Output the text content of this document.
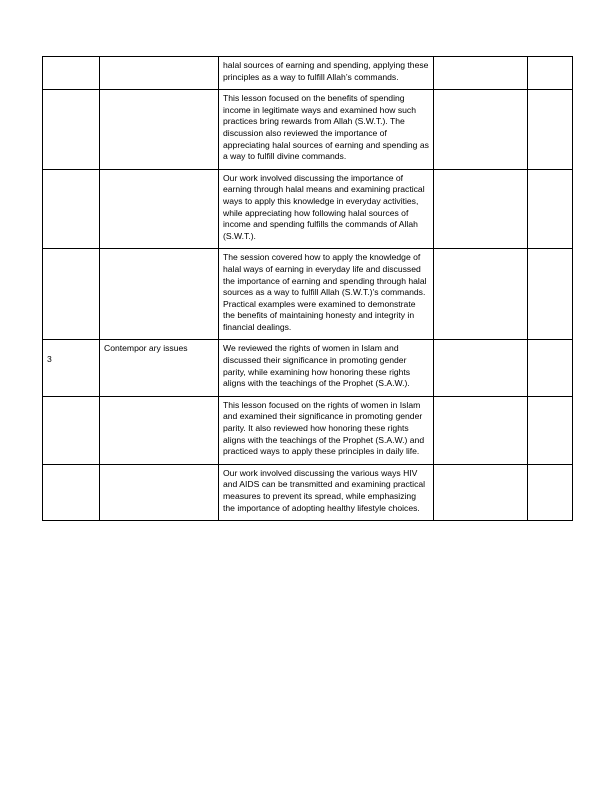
		halal sources of earning and spending, applying these principles as a way to fulfill Allah’s commands.		
		This lesson focused on the benefits of spending income in legitimate ways and examined how such practices bring rewards from Allah (S.W.T.). The discussion also reviewed the importance of appreciating halal sources of earning and spending as a way to fulfill divine commands.		
		Our work involved discussing the importance of earning through halal means and examining practical ways to apply this knowledge in everyday activities, while appreciating how following halal sources of income and spending fulfills the commands of Allah (S.W.T.).		
		The session covered how to apply the knowledge of halal ways of earning in everyday life and discussed the importance of earning and spending through halal sources as a way to fulfill Allah (S.W.T.)’s commands. Practical examples were examined to demonstrate the benefits of maintaining honesty and integrity in financial dealings.		
3	Contempor ary issues	We reviewed the rights of women in Islam and discussed their significance in promoting gender parity, while examining how honoring these rights aligns with the teachings of the Prophet (S.A.W.).		
		This lesson focused on the rights of women in Islam and examined their significance in promoting gender parity. It also reviewed how honoring these rights aligns with the teachings of the Prophet (S.A.W.) and practiced ways to apply these principles in daily life.		
		Our work involved discussing the various ways HIV and AIDS can be transmitted and examining practical measures to prevent its spread, while emphasizing the importance of adopting healthy lifestyle choices.		
